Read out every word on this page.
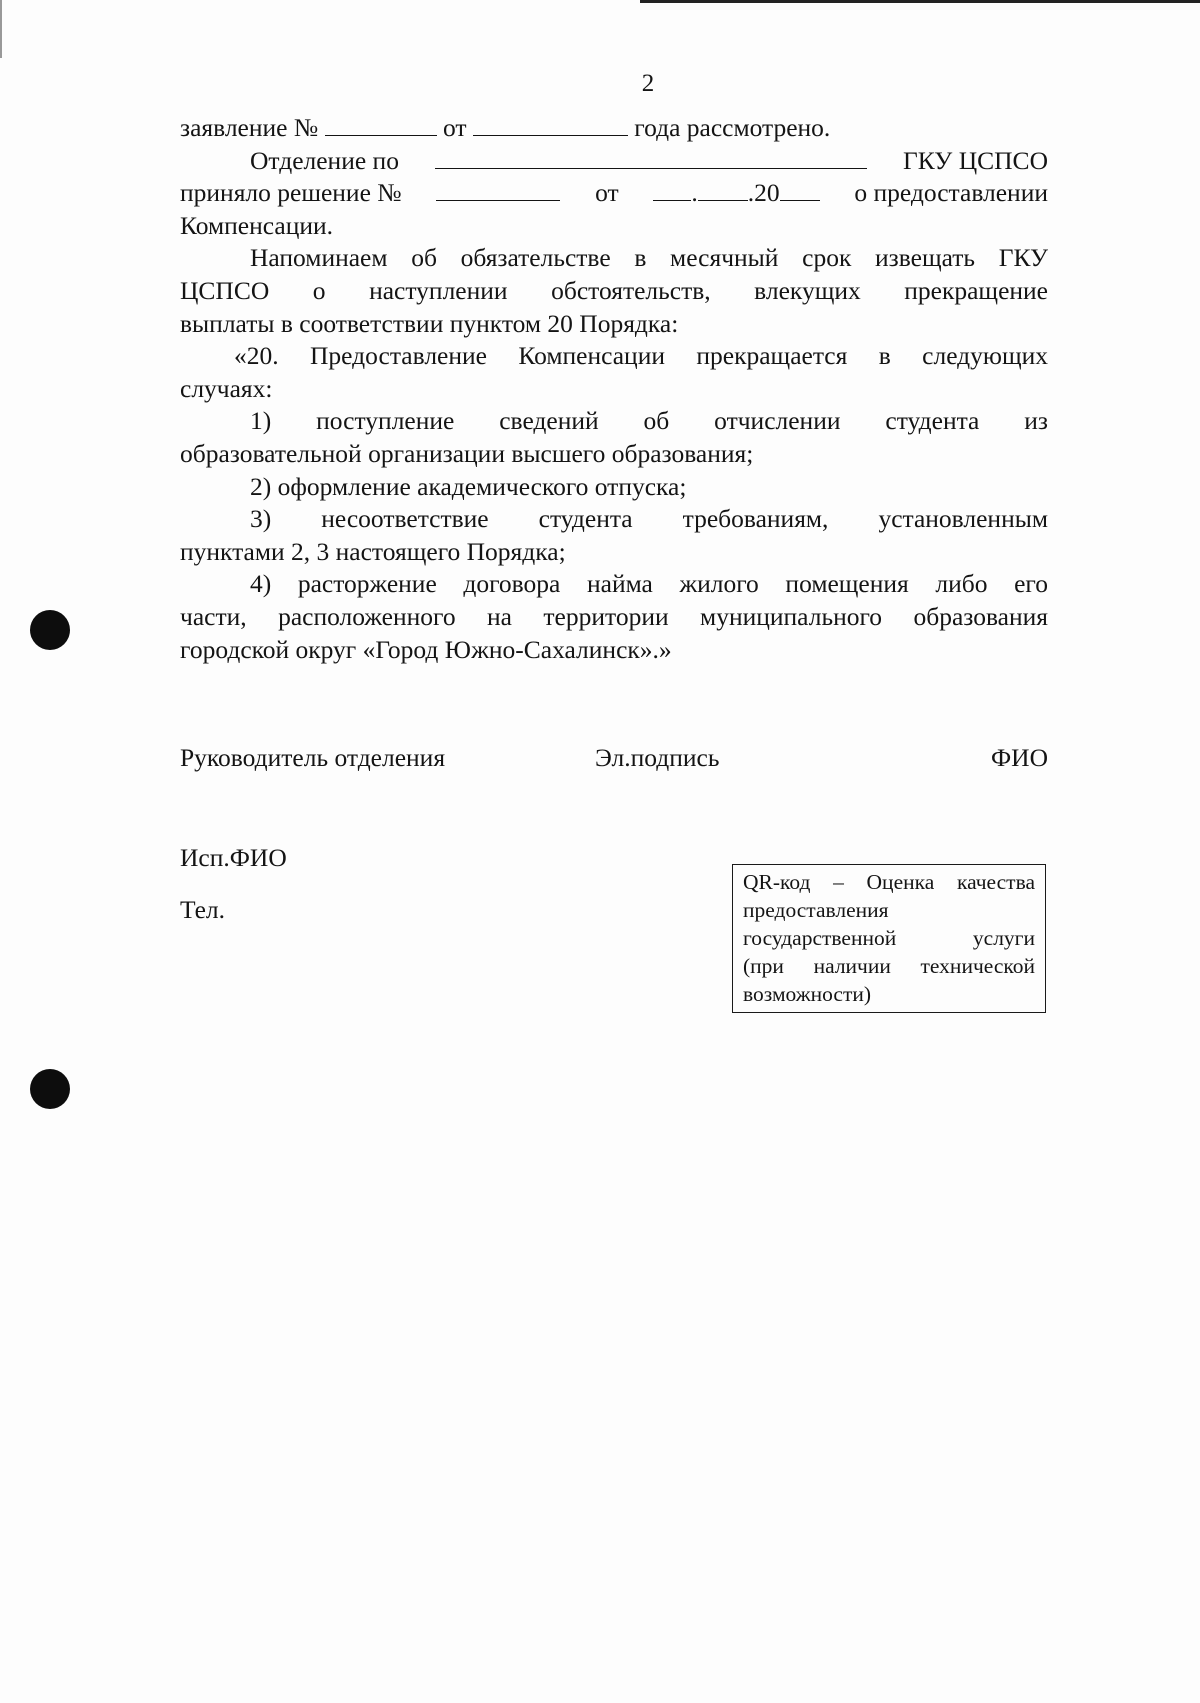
2
заявление №	от	года рассмотрено.
Отделение по	ГКУ ЦСПСО
приняло решение №	от	. .20	о предоставлении
Компенсации.
Напоминаем об обязательстве в месячный срок извещать ГКУ
ЦСПСО о наступлении обстоятельств, влекущих прекращение
выплаты в соответствии пунктом 20 Порядка:
«20. Предоставление Компенсации прекращается в следующих
случаях:
1) поступление сведений об отчислении студента из
образовательной организации высшего образования;
2) оформление академического отпуска;
3) несоответствие студента требованиям, установленным
пунктами 2, 3 настоящего Порядка;
4) расторжение договора найма жилого помещения либо его
части, расположенного на территории муниципального образования
городской округ «Город Южно-Сахалинск».»
Руководитель отделения	Эл.подпись	ФИО
Исп.ФИО
Тел.
QR-код – Оценка качества
предоставления
государственной услуги
(при наличии технической
возможности)
